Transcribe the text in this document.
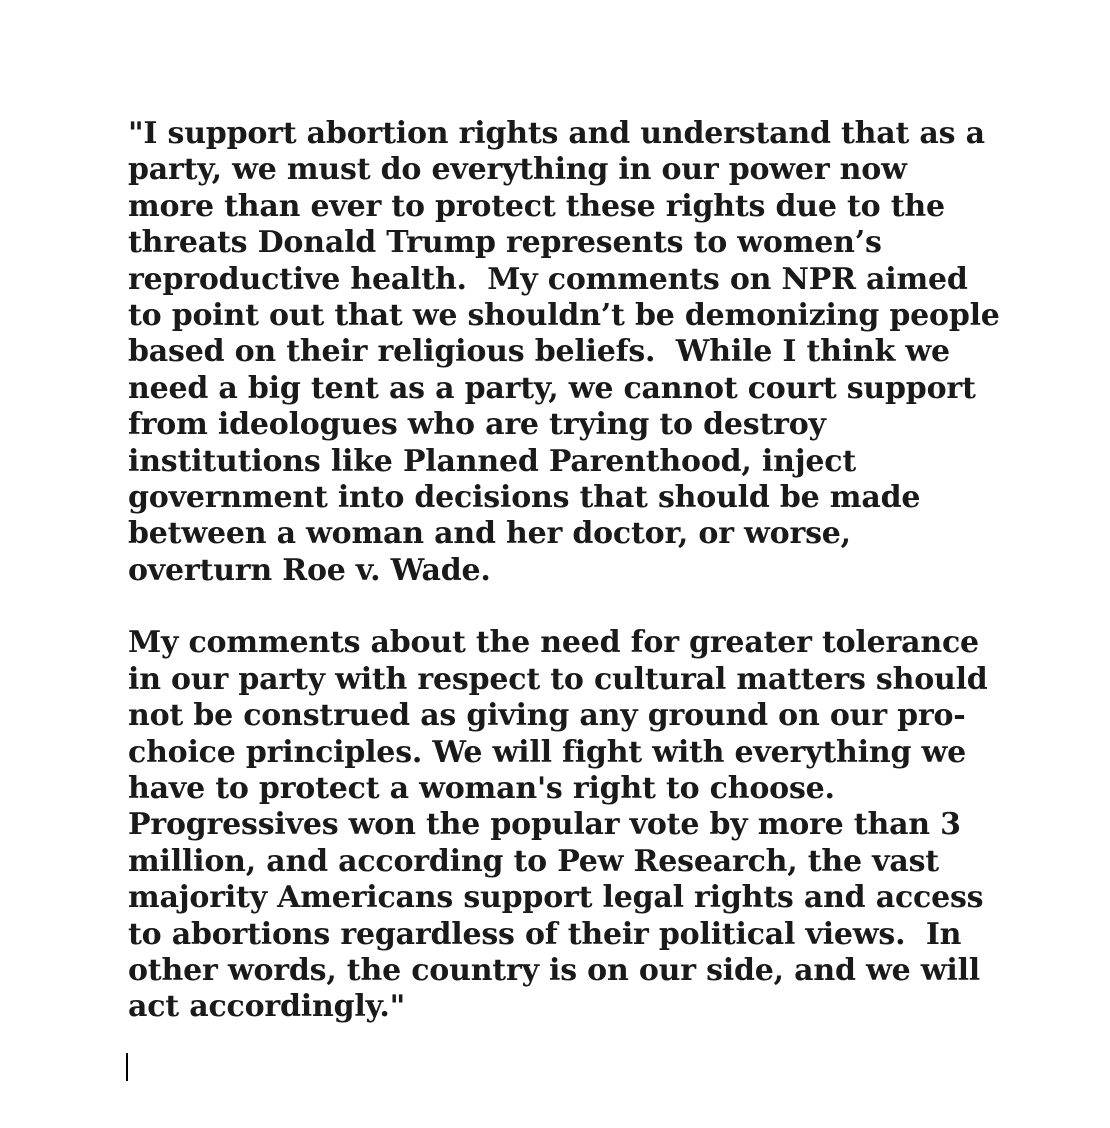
"I support abortion rights and understand that as a
party, we must do everything in our power now
more than ever to protect these rights due to the
threats Donald Trump represents to women’s
reproductive health.  My comments on NPR aimed
to point out that we shouldn’t be demonizing people
based on their religious beliefs.  While I think we
need a big tent as a party, we cannot court support
from ideologues who are trying to destroy
institutions like Planned Parenthood, inject
government into decisions that should be made
between a woman and her doctor, or worse,
overturn Roe v. Wade.

My comments about the need for greater tolerance
in our party with respect to cultural matters should
not be construed as giving any ground on our pro-
choice principles. We will fight with everything we
have to protect a woman's right to choose.
Progressives won the popular vote by more than 3
million, and according to Pew Research, the vast
majority Americans support legal rights and access
to abortions regardless of their political views.  In
other words, the country is on our side, and we will
act accordingly."
